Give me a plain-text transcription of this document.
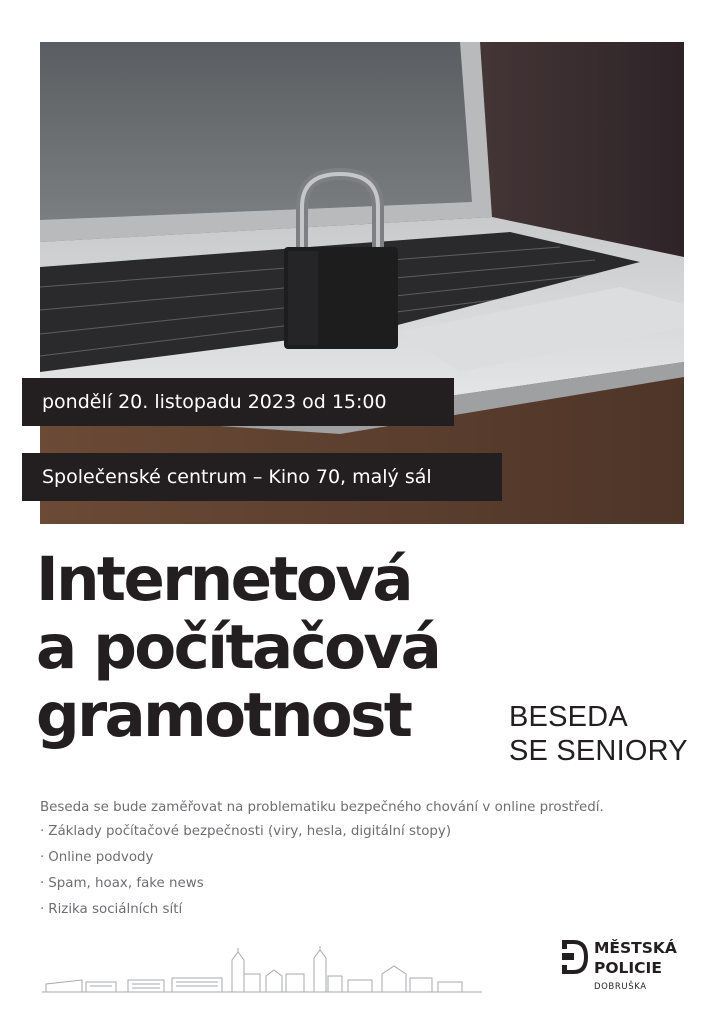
pondělí 20. listopadu 2023 od 15:00
Společenské centrum – Kino 70, malý sál
Internetová
a počítačová
gramotnost	BESEDA
SE SENIORY

Beseda se bude zaměřovat na problematiku bezpečného chování v online prostředí.

· Základy počítačové bezpečnosti (viry, hesla, digitální stopy)
· Online podvody
· Spam, hoax, fake news
· Rizika sociálních sítí
MĚSTSKÁ
POLICIE
DOBRUŠKA
